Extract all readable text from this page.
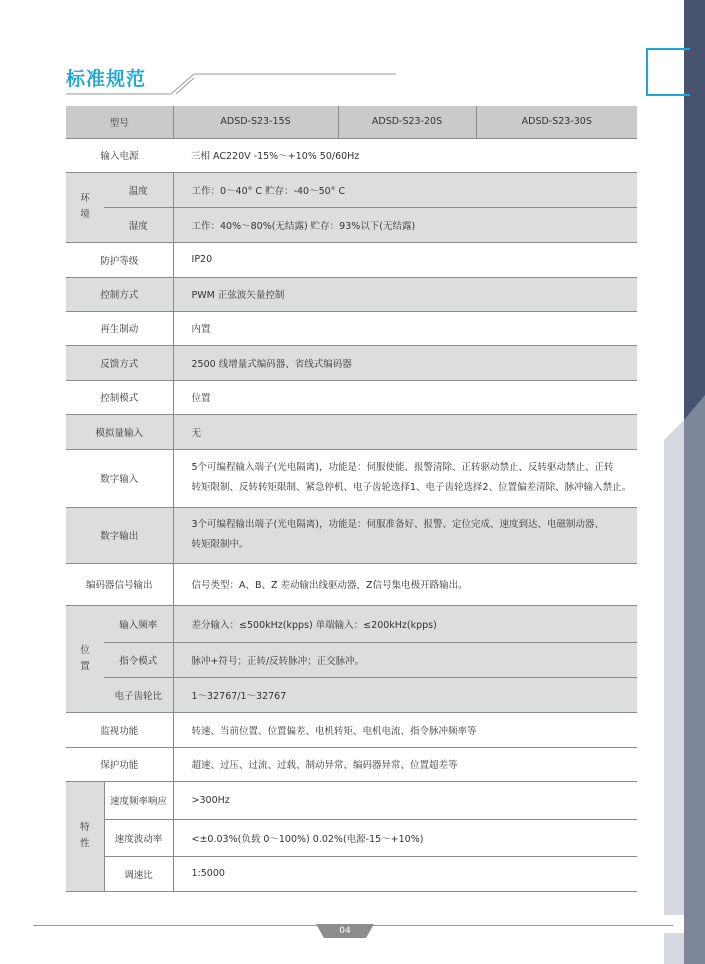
标准规范
型号		ADSD-S23-15S	ADSD-S23-20S	ADSD-S23-30S
输入电源		三相 AC220V -15%～+10% 50/60Hz		
环境	温度	工作：0～40° C 贮存：-40～50° C		
	湿度	工作：40%～80%(无结露) 贮存：93%以下(无结露)		
防护等级		IP20		
控制方式		PWM 正弦波矢量控制		
再生制动		内置		
反馈方式		2500 线增量式编码器、省线式编码器		
控制模式		位置		
模拟量输入		无		
数字输入		5个可编程输入端子(光电隔离)，功能是：伺服使能、报警清除、正转驱动禁止、反转驱动禁止、正转
转矩限制、反转转矩限制、紧急停机、电子齿轮选择1、电子齿轮选择2、位置偏差清除、脉冲输入禁止。		

数字输出		3个可编程输出端子(光电隔离)，功能是：伺服准备好、报警、定位完成、速度到达、电磁制动器、
转矩限制中。		

编码器信号输出		信号类型：A、B、Z 差动输出线驱动器，Z信号集电极开路输出。		
位置	输入频率	差分输入：≤500kHz(kpps) 单端输入：≤200kHz(kpps)		
	指令模式	脉冲+符号；正转/反转脉冲；正交脉冲。		
	电子齿轮比	1～32767/1～32767		
监视功能		转速、当前位置、位置偏差、电机转矩、电机电流、指令脉冲频率等		
保护功能		超速、过压、过流、过载、制动异常、编码器异常、位置超差等		
特性	速度频率响应	>300Hz		
	速度波动率	<±0.03%(负载 0～100%) 0.02%(电源-15～+10%)		
	调速比	1:5000		
04
